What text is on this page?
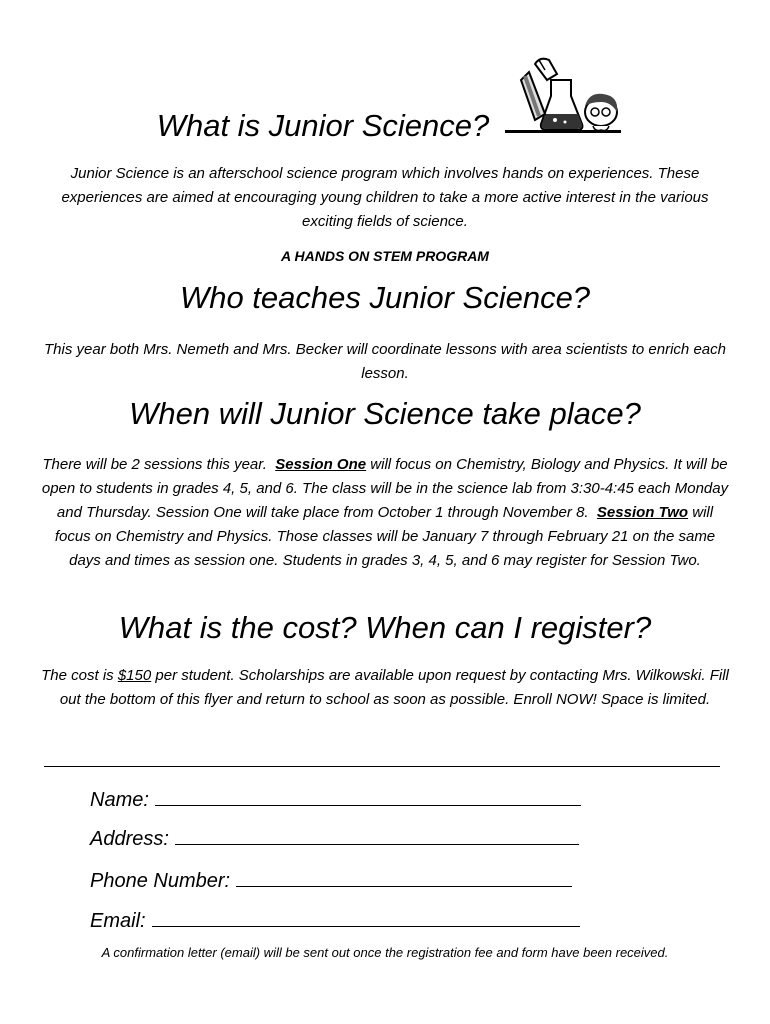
What is Junior Science?

Junior Science is an afterschool science program which involves hands on experiences. These experiences are aimed at encouraging young children to take a more active interest in the various exciting fields of science.

A HANDS ON STEM PROGRAM

Who teaches Junior Science?

This year both Mrs. Nemeth and Mrs. Becker will coordinate lessons with area scientists to enrich each lesson.

When will Junior Science take place?

There will be 2 sessions this year. Session One will focus on Chemistry, Biology and Physics. It will be open to students in grades 4, 5, and 6. The class will be in the science lab from 3:30-4:45 each Monday and Thursday. Session One will take place from October 1 through November 8. Session Two will focus on Chemistry and Physics. Those classes will be January 7 through February 21 on the same days and times as session one. Students in grades 3, 4, 5, and 6 may register for Session Two.

What is the cost? When can I register?

The cost is $150 per student. Scholarships are available upon request by contacting Mrs. Wilkowski. Fill out the bottom of this flyer and return to school as soon as possible. Enroll NOW! Space is limited.

Name:
Address:
Phone Number:
Email:
A confirmation letter (email) will be sent out once the registration fee and form have been received.
